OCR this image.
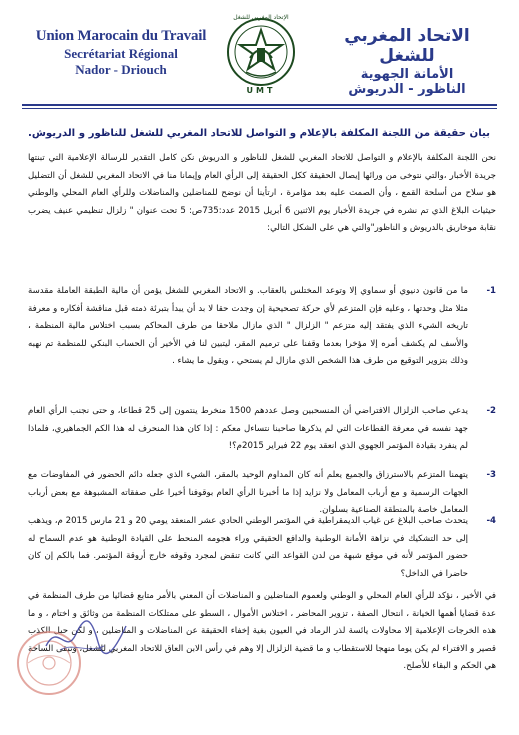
Union Marocain du Travail
Secrétariat Régional
Nador - Driouch
الإتحاد المغربي للشغل
UMT
الاتحاد المغربي للشغل
الأمانة الجهوية
الناظور - الدريوش
بيان حقيقة من اللجنة المكلفة بالإعلام و التواصل للاتحاد المغربي للشغل للناظور و الدريوش.
نحن اللجنة المكلفة بالإعلام و التواصل للاتحاد المغربي للشغل للناظور و الدريوش نكن كامل التقدير للرسالة الإعلامية التي تبنتها جريدة الأخبار ،والتي نتوخى من ورائها إيصال الحقيقة ككل الحقيقة إلى الرأي العام وإيمانا منا في الاتحاد المغربي للشغل أن التضليل هو سلاح من أسلحة القمع ، وأن الصمت عليه بعد مؤامرة ، ارتأينا أن نوضح للمناضلين والمناضلات وللرأي العام المحلي والوطني حيثيات البلاغ الذي تم نشره في جريدة الأخبار يوم الاثنين 6 أبريل 2015 عدد:735ص: 5 تحت عنوان " زلزال تنظيمي عنيف يضرب نقابة موخاريق بالدريوش و الناظور"والتي هي على الشكل التالي:
1-
ما من قانون دنيوي أو سماوي إلا وتوعد المختلس بالعقاب. و الاتحاد المغربي للشغل يؤمن أن مالية الطبقة العاملة مقدسة مثلا مثل وحدتها ، وعليه فإن المتزعم لأي حركة تصحيحية إن وجدت حقا لا بد أن يبدأ بتبرئة ذمته قبل مناقشة أفكاره و معرفة تاريخه الشيء الذي يفتقد إليه متزعم " الزلزال " الذي مازال ملاحقا من طرف المحاكم بسبب اختلاس مالية المنظمة ، والأسف لم يكشف أمره إلا مؤخرا بعدما وقفنا على ترميم المقر، ليتبين لنا في الأخير أن الحساب البنكي للمنظمة تم نهبه وذلك بتزوير التوقيع من طرف هذا الشخص الذي مازال لم يستحي ، ويقول ما يشاء .
2-
يدعي صاحب الزلزال الافتراضي أن المنسحبين وصل عددهم 1500 منخرط ينتمون إلى 25 قطاعا، و حتى نجنب الرأي العام جهد نفسه في معرفة القطاعات التي لم يذكرها صاحبنا نتساءل معكم : إذا كان هذا المنحرف له هذا الكم الجماهيري، فلماذا لم ينفرد بقيادة المؤتمر الجهوي الذي انعقد يوم 22 فبراير 2015م؟!
3-
يتهمنا المتزعم بالاسترزاق والجميع يعلم أنه كان المداوم الوحيد بالمقر، الشيء الذي جعله دائم الحضور في المفاوضات مع الجهات الرسمية و مع أرباب المعامل ولا نزايد إذا ما أخبرنا الرأي العام بوقوفنا أخيرا على صفقاته المشبوهة مع بعض أرباب المعامل خاصة بالمنطقة الصناعية بسلوان.
4-
يتحدث صاحب البلاغ عن غياب الديمقراطية في المؤتمر الوطني الحادي عشر المنعقد يومي 20 و 21 مارس 2015 م، ويذهب إلى حد التشكيك في نزاهة الأمانة الوطنية والدافع الحقيقي وراء هجومه المنحط على القيادة الوطنية هو عدم السماح له حضور المؤتمر لأنه في موقع شبهة من لدن القواعد التي كانت تنقض لمجرد وقوفه خارج أروقة المؤتمر. فما بالكم إن كان حاضرا في الداخل؟
في الأخير ، نؤكد للرأي العام المحلي و الوطني ولعموم المناضلين و المناضلات أن المعني بالأمر متابع قضائيا من طرف المنظمة في عدة قضايا أهمها الخيانة ، انتحال الصفة ، تزوير المحاضر ، اختلاس الأموال ، السطو على ممتلكات المنظمة من وثائق و اختام ، و ما هذه الخرجات الإعلامية إلا محاولات يائسة لذر الرماد في العيون بغية إخفاء الحقيقة عن المناضلات و المناضلين ، و لكن حبل الكذب قصير و الافتراء لم يكن يوما منهجا للاستقطاب و ما قضية الزلزال إلا وهم في رأس الابن العاق للاتحاد المغربي للشغل، وتبقى الساحة هي الحكم و البقاء للأصلح.
